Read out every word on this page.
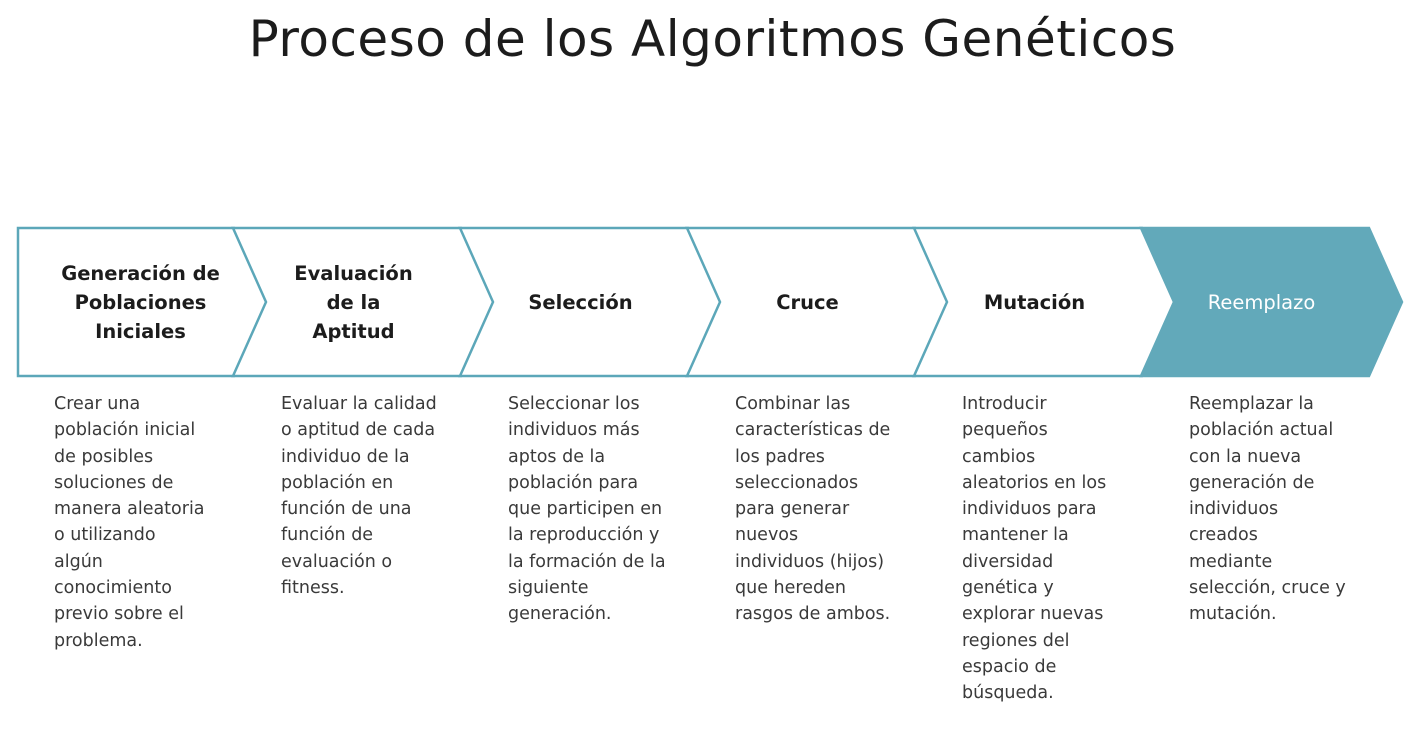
Proceso de los Algoritmos Genéticos
Generación de
Poblaciones
Iniciales
Evaluación
de la
Aptitud
Selección	Cruce	Mutación	Reemplazo
Crear una
población inicial
de posibles
soluciones de
manera aleatoria
o utilizando
algún
conocimiento
previo sobre el
problema.
Evaluar la calidad
o aptitud de cada
individuo de la
población en
función de una
función de
evaluación o
fitness.
Seleccionar los
individuos más
aptos de la
población para
que participen en
la reproducción y
la formación de la
siguiente
generación.
Combinar las
características de
los padres
seleccionados
para generar
nuevos
individuos (hijos)
que hereden
rasgos de ambos.
Introducir
pequeños
cambios
aleatorios en los
individuos para
mantener la
diversidad
genética y
explorar nuevas
regiones del
espacio de
búsqueda.
Reemplazar la
población actual
con la nueva
generación de
individuos
creados
mediante
selección, cruce y
mutación.
